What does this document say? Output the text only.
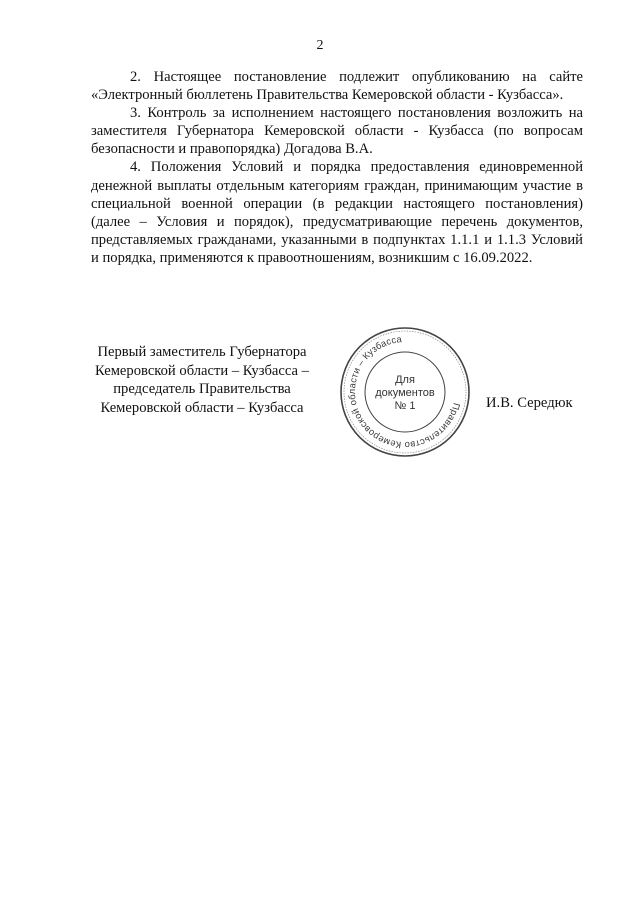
2

2. Настоящее постановление подлежит опубликованию на сайте «Электронный бюллетень Правительства Кемеровской области - Кузбасса».

3. Контроль за исполнением настоящего постановления возложить на заместителя Губернатора Кемеровской области - Кузбасса (по вопросам безопасности и правопорядка) Догадова В.А.

4. Положения Условий и порядка предоставления единовременной денежной выплаты отдельным категориям граждан, принимающим участие в специальной военной операции (в редакции настоящего постановления) (далее – Условия и порядок), предусматривающие перечень документов, представляемых гражданами, указанными в подпунктах 1.1.1 и 1.1.3 Условий и порядка, применяются к правоотношениям, возникшим с 16.09.2022.

Первый заместитель Губернатора
Кемеровской области – Кузбасса –
председатель Правительства
Кемеровской области – Кузбасса	Правительство Кемеровской области – Кузбасса
Для
документов
№ 1	И.В. Середюк
